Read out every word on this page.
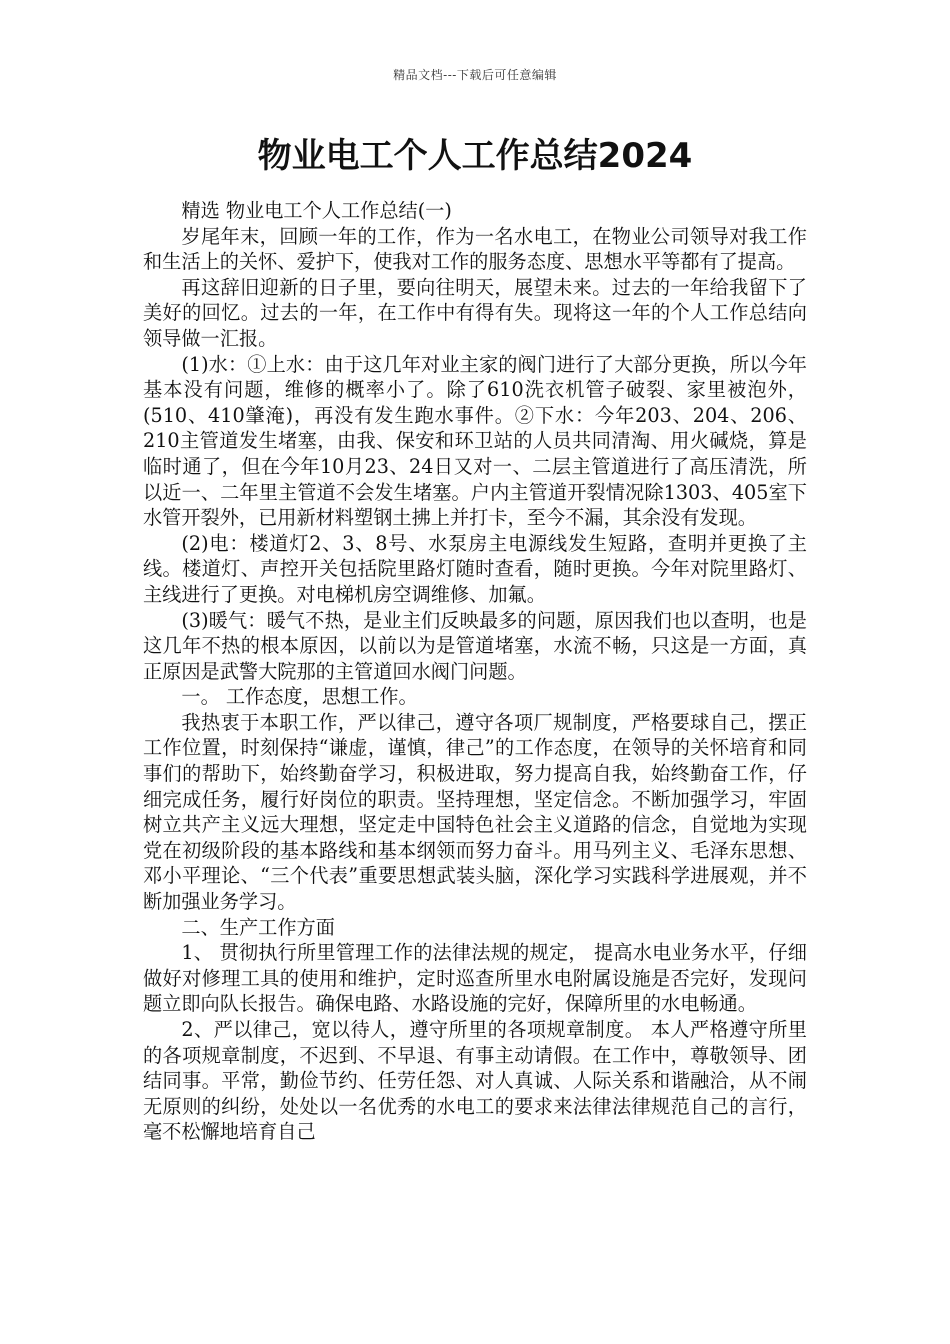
精品文档---下载后可任意编辑
物业电工个人工作总结2024

精选 物业电工个人工作总结(一)

岁尾年末，回顾一年的工作，作为一名水电工，在物业公司领导对我工作和生活上的关怀、爱护下，使我对工作的服务态度、思想水平等都有了提高。

再这辞旧迎新的日子里，要向往明天，展望未来。过去的一年给我留下了美好的回忆。过去的一年，在工作中有得有失。现将这一年的个人工作总结向领导做一汇报。

(1)水：①上水：由于这几年对业主家的阀门进行了大部分更换，所以今年基本没有问题，维修的概率小了。除了610洗衣机管子破裂、家里被泡外，(510、410肇淹)，再没有发生跑水事件。②下水：今年203、204、206、210主管道发生堵塞，由我、保安和环卫站的人员共同清淘、用火碱烧，算是临时通了，但在今年10月23、24日又对一、二层主管道进行了高压清洗，所以近一、二年里主管道不会发生堵塞。户内主管道开裂情况除1303、405室下水管开裂外，已用新材料塑钢土拂上并打卡，至今不漏，其余没有发现。

(2)电：楼道灯2、3、8号、水泵房主电源线发生短路，查明并更换了主线。楼道灯、声控开关包括院里路灯随时查看，随时更换。今年对院里路灯、主线进行了更换。对电梯机房空调维修、加氟。

(3)暖气：暖气不热，是业主们反映最多的问题，原因我们也以查明，也是这几年不热的根本原因，以前以为是管道堵塞，水流不畅，只这是一方面，真正原因是武警大院那的主管道回水阀门问题。

一。 工作态度，思想工作。

我热衷于本职工作，严以律己，遵守各项厂规制度，严格要球自己，摆正工作位置，时刻保持“谦虚，谨慎，律己”的工作态度，在领导的关怀培育和同事们的帮助下，始终勤奋学习，积极进取，努力提高自我，始终勤奋工作，仔细完成任务，履行好岗位的职责。坚持理想，坚定信念。不断加强学习，牢固树立共产主义远大理想，坚定走中国特色社会主义道路的信念，自觉地为实现党在初级阶段的基本路线和基本纲领而努力奋斗。用马列主义、毛泽东思想、邓小平理论、“三个代表”重要思想武装头脑，深化学习实践科学进展观，并不断加强业务学习。

二、生产工作方面

1、 贯彻执行所里管理工作的法律法规的规定， 提高水电业务水平，仔细做好对修理工具的使用和维护，定时巡查所里水电附属设施是否完好，发现问题立即向队长报告。确保电路、水路设施的完好，保障所里的水电畅通。

2、严以律己，宽以待人，遵守所里的各项规章制度。 本人严格遵守所里的各项规章制度，不迟到、不早退、有事主动请假。在工作中，尊敬领导、团结同事。平常，勤俭节约、任劳任怨、对人真诚、人际关系和谐融洽，从不闹无原则的纠纷，处处以一名优秀的水电工的要求来法律法律规范自己的言行，毫不松懈地培育自己
